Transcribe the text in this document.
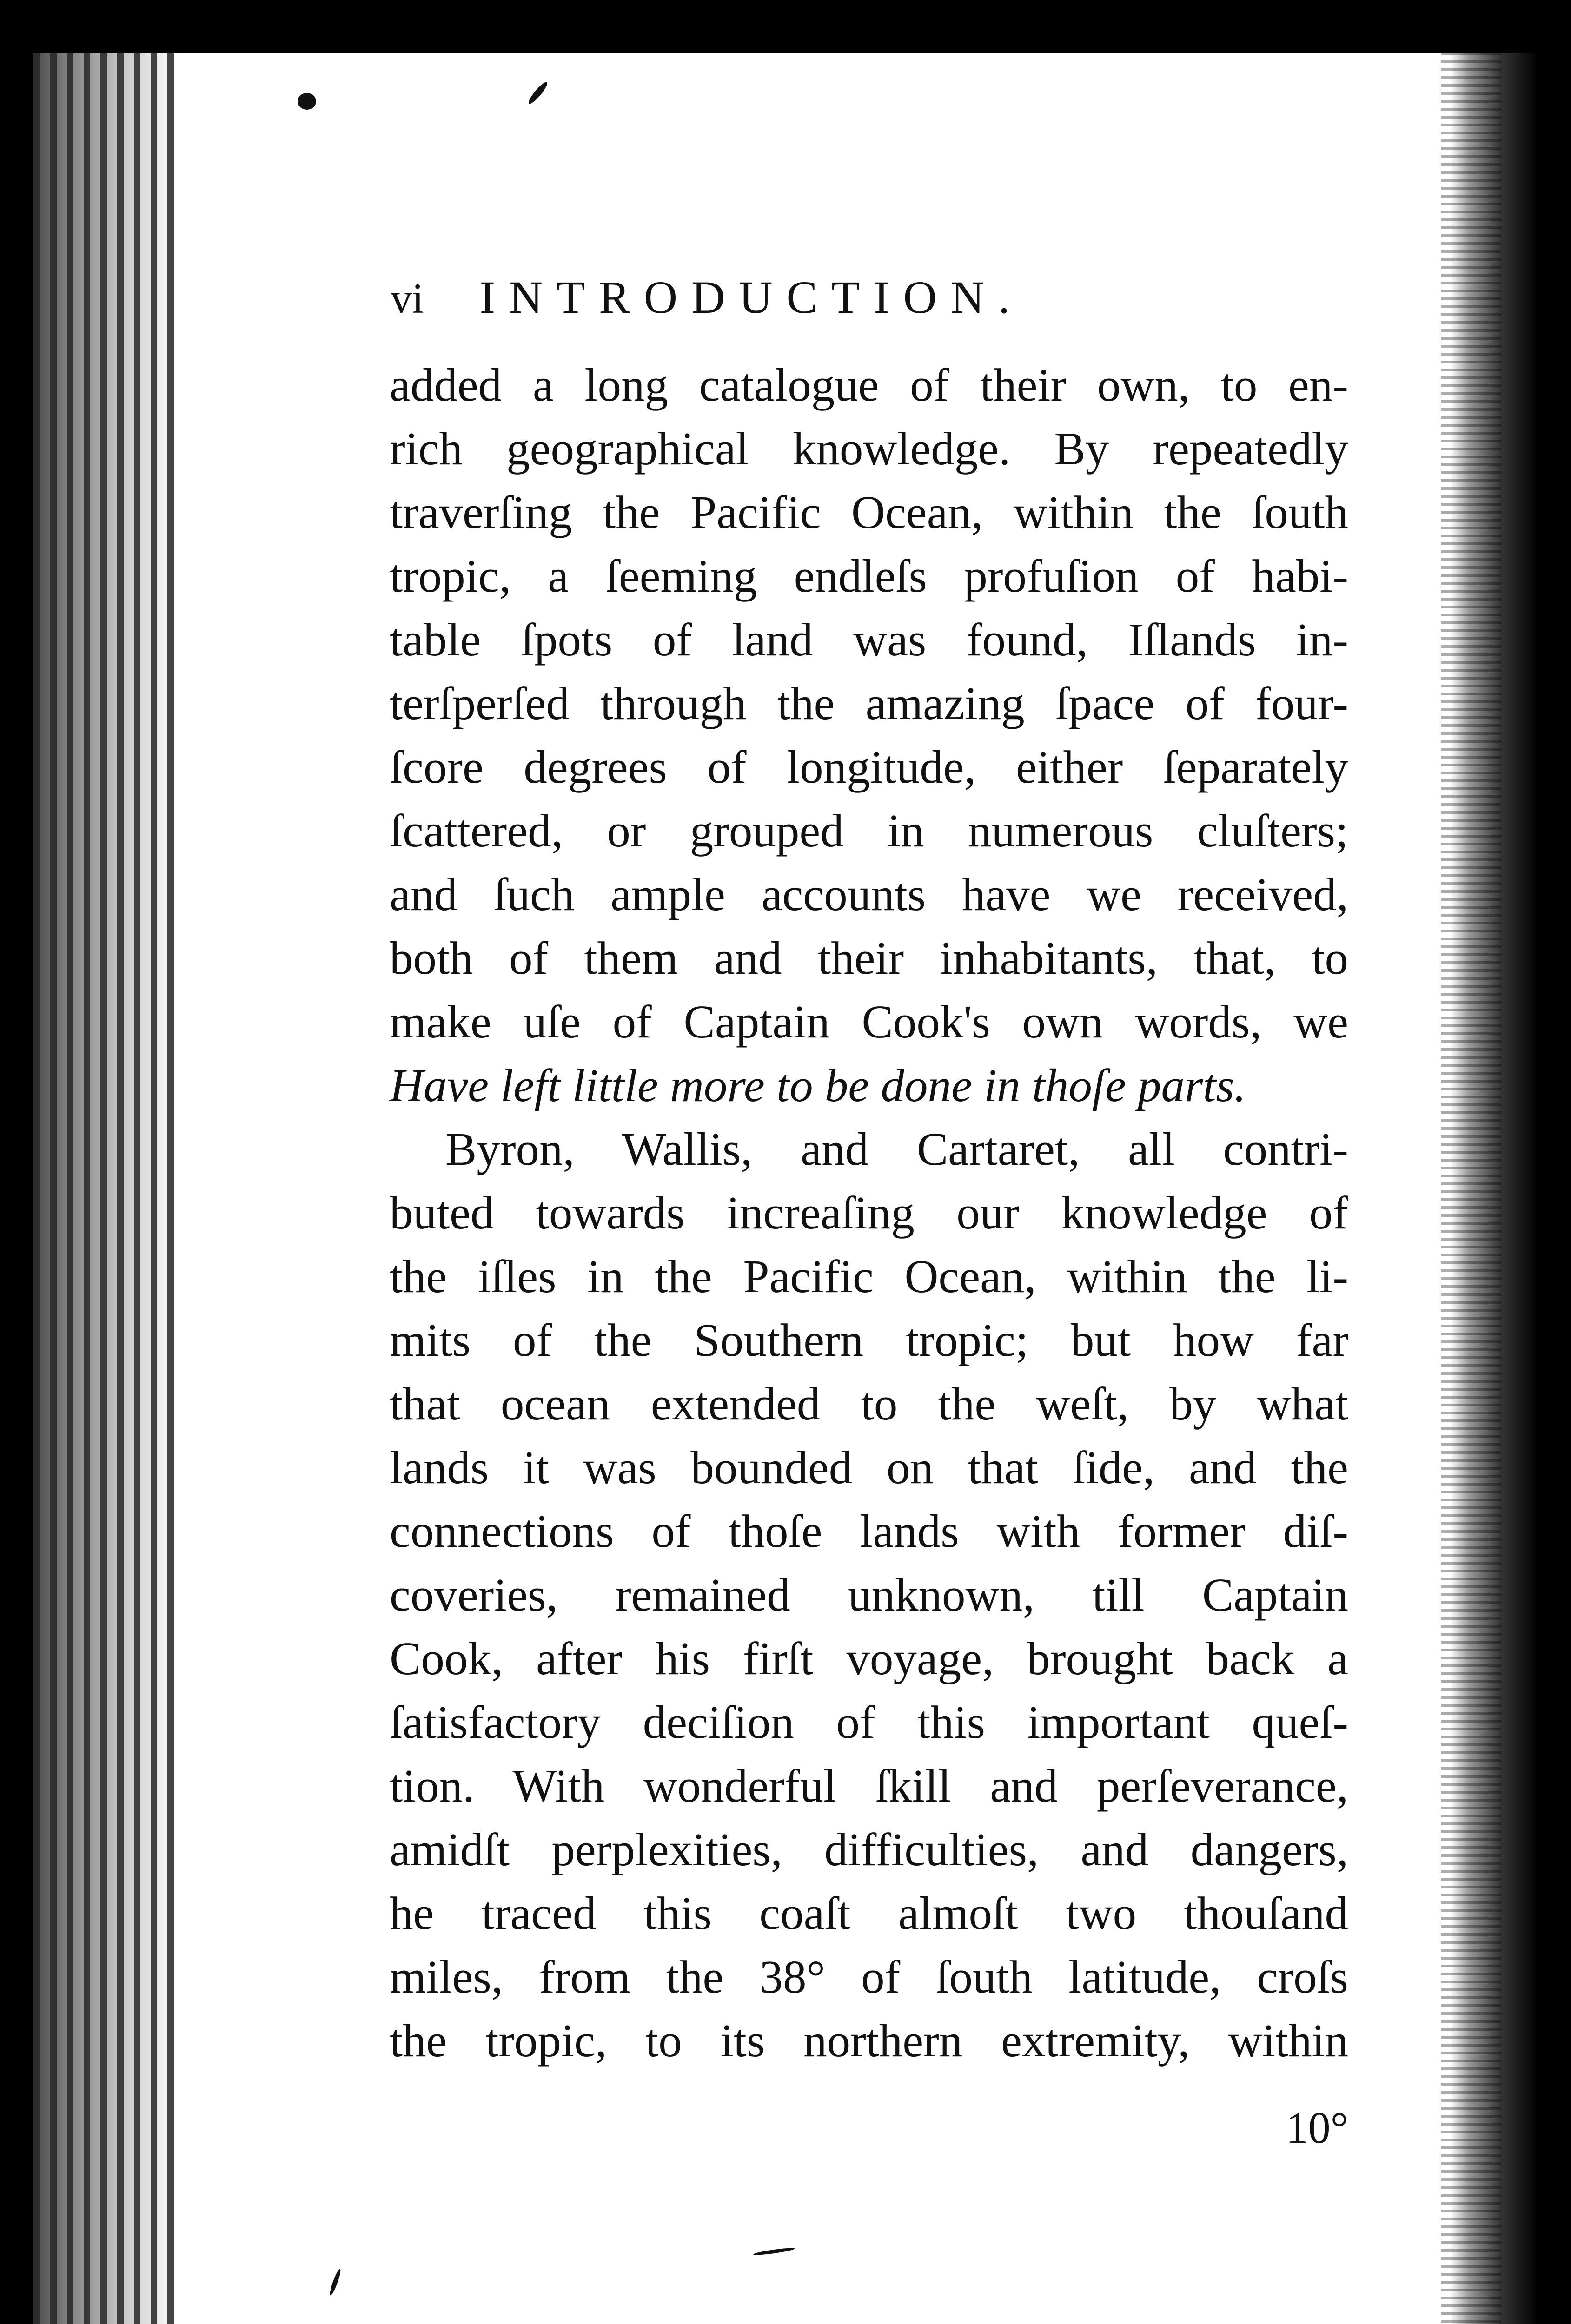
vi INTRODUCTION.
added a long catalogue of their own, to en-
rich geographical knowledge. By repeatedly
traverſing the Pacific Ocean, within the ſouth
tropic, a ſeeming endleſs profuſion of habi-
table ſpots of land was found, Iſlands in-
terſperſed through the amazing ſpace of four-
ſcore degrees of longitude, either ſeparately
ſcattered, or grouped in numerous cluſters;
and ſuch ample accounts have we received,
both of them and their inhabitants, that, to
make uſe of Captain Cook's own words, we
Have left little more to be done in thoſe parts.
Byron, Wallis, and Cartaret, all contri-
buted towards increaſing our knowledge of
the iſles in the Pacific Ocean, within the li-
mits of the Southern tropic; but how far
that ocean extended to the weſt, by what
lands it was bounded on that ſide, and the
connections of thoſe lands with former diſ-
coveries, remained unknown, till Captain
Cook, after his firſt voyage, brought back a
ſatisfactory deciſion of this important queſ-
tion. With wonderful ſkill and perſeverance,
amidſt perplexities, difficulties, and dangers,
he traced this coaſt almoſt two thouſand
miles, from the 38° of ſouth latitude, croſs
the tropic, to its northern extremity, within
10°
